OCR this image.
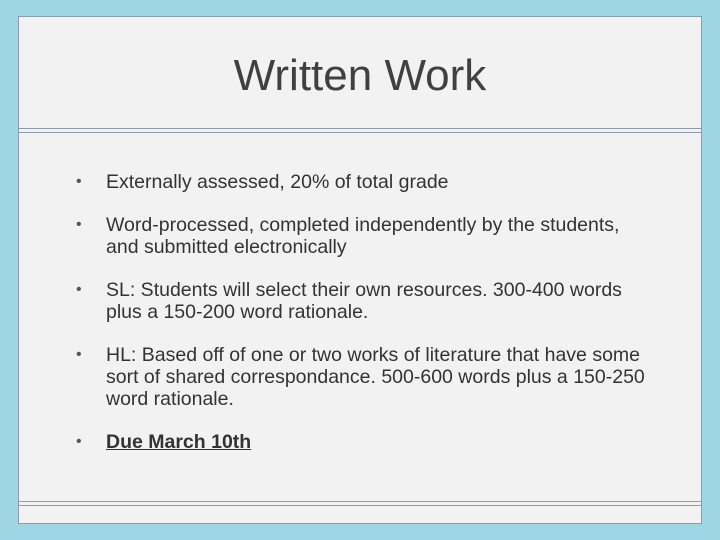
Written Work
• Externally assessed, 20% of total grade
• Word-processed, completed independently by the students, and submitted electronically
• SL: Students will select their own resources. 300-400 words plus a 150-200 word rationale.
• HL: Based off of one or two works of literature that have some sort of shared correspondance. 500-600 words plus a 150-250 word rationale.
• Due March 10th
